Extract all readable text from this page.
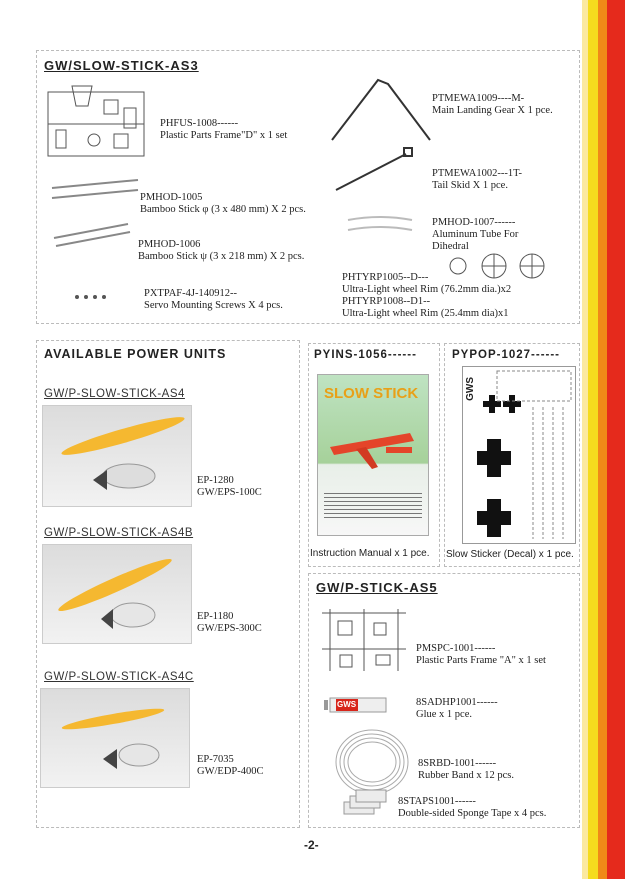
GW/SLOW-STICK-AS3
PHFUS-1008------
Plastic Parts Frame"D" x 1 set
PMHOD-1005
Bamboo Stick φ (3 x 480 mm) X 2 pcs.
PMHOD-1006
Bamboo Stick ψ (3 x 218 mm) X 2 pcs.
PXTPAF-4J-140912--
Servo Mounting Screws X 4 pcs.
PTMEWA1009----M-
Main Landing Gear X 1 pce.
PTMEWA1002---1T-
Tail Skid X 1 pce.
PMHOD-1007------
Aluminum Tube For
Dihedral
PHTYRP1005--D---
Ultra-Light wheel Rim (76.2mm dia.)x2
PHTYRP1008--D1--
Ultra-Light wheel Rim (25.4mm dia)x1
AVAILABLE POWER UNITS
GW/P-SLOW-STICK-AS4
EP-1280
GW/EPS-100C
GW/P-SLOW-STICK-AS4B
EP-1180
GW/EPS-300C
GW/P-SLOW-STICK-AS4C
EP-7035
GW/EDP-400C
PYINS-1056------
SLOW STICK
Instruction Manual x 1 pce.
PYPOP-1027------
GWS
Slow Sticker (Decal) x 1 pce.
GW/P-STICK-AS5
GWS
PMSPC-1001------
Plastic Parts Frame "A" x 1 set
8SADHP1001------
Glue x 1 pce.
8SRBD-1001------
Rubber Band x 12 pcs.
8STAPS1001------
Double-sided Sponge Tape x 4 pcs.
-2-
